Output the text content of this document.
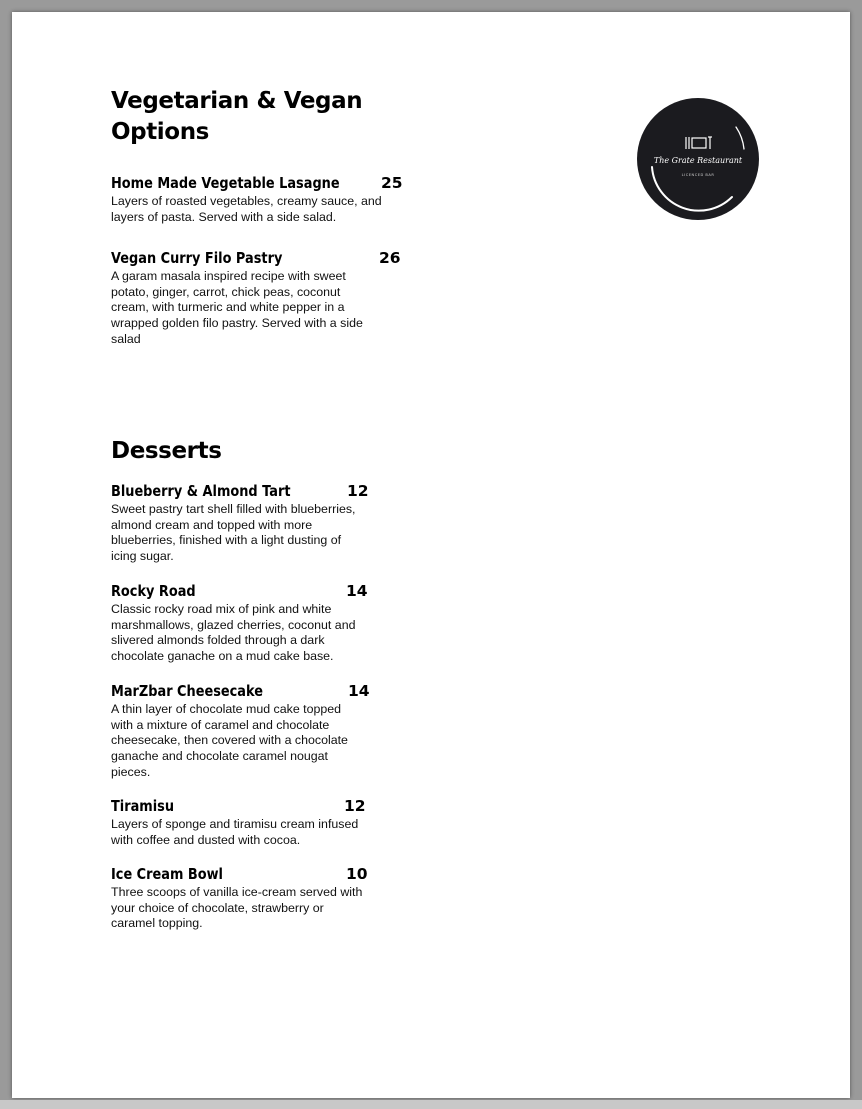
Vegetarian & Vegan
Options
Home Made Vegetable Lasagne	25

Layers of roasted vegetables, creamy sauce, and layers of pasta. Served with a side salad.

Vegan Curry Filo Pastry	26

A garam masala inspired recipe with sweet potato, ginger, carrot, chick peas, coconut cream, with turmeric and white pepper in a wrapped golden filo pastry. Served with a side salad

Desserts
Blueberry & Almond Tart	12

Sweet pastry tart shell filled with blueberries, almond cream and topped with more blueberries, finished with a light dusting of icing sugar.

Rocky Road	14

Classic rocky road mix of pink and white marshmallows, glazed cherries, coconut and slivered almonds folded through a dark chocolate ganache on a mud cake base.

MarZbar Cheesecake	14

A thin layer of chocolate mud cake topped with a mixture of caramel and chocolate cheesecake, then covered with a chocolate ganache and chocolate caramel nougat pieces.

Tiramisu	12

Layers of sponge and tiramisu cream infused with coffee and dusted with cocoa.

Ice Cream Bowl	10

Three scoops of vanilla ice-cream served with your choice of chocolate, strawberry or caramel topping.

The Grate Restaurant
LICENCED BAR
